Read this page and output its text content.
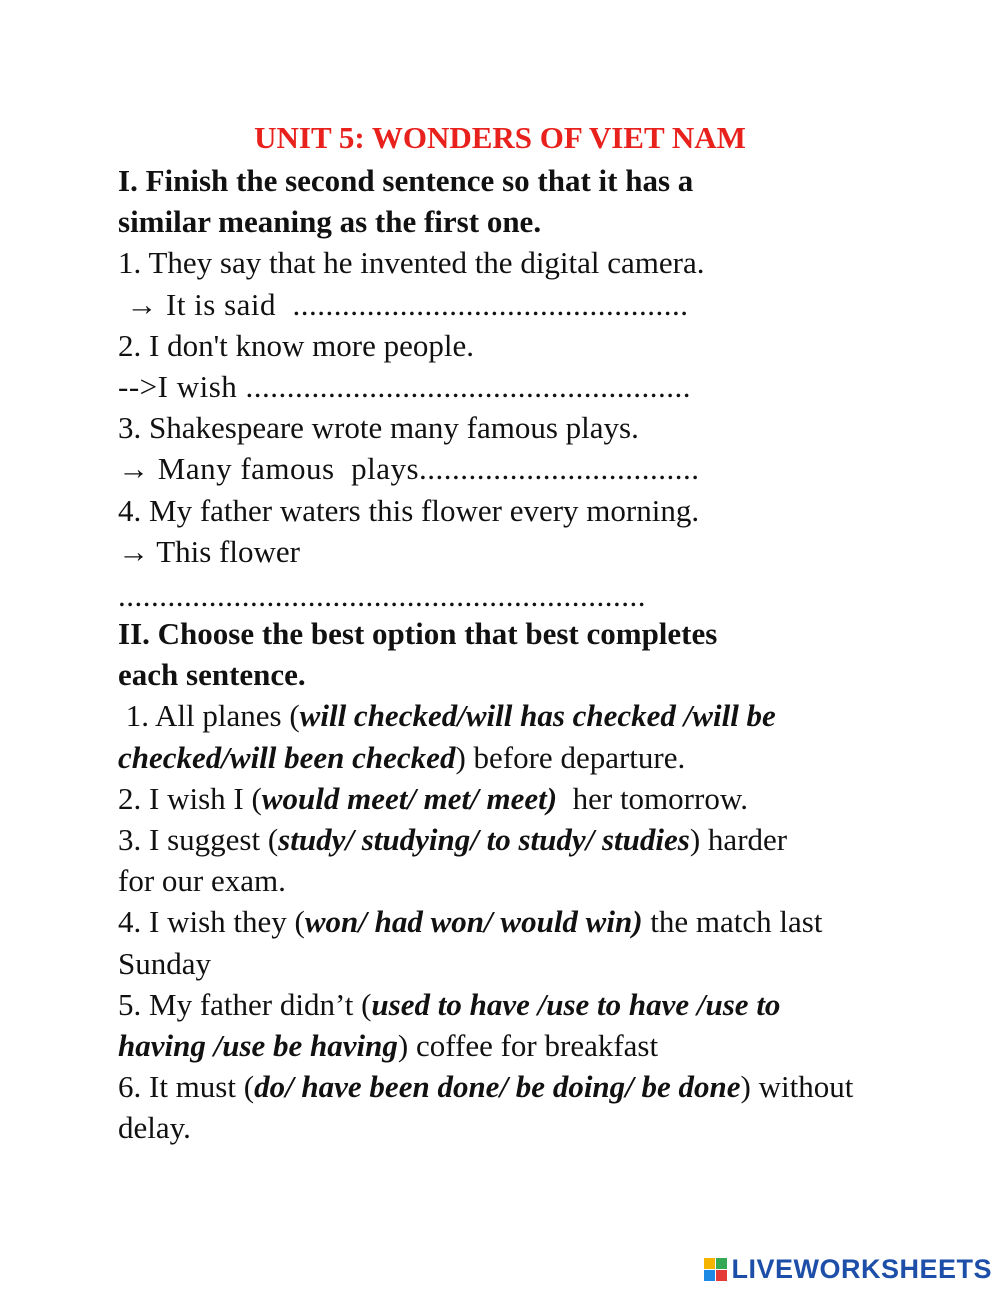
UNIT 5: WONDERS OF VIET NAM
I. Finish the second sentence so that it has a
similar meaning as the first one.
1. They say that he invented the digital camera.
→ It is said  ................................................
2. I don't know more people.
-->I wish ......................................................
3. Shakespeare wrote many famous plays.
→ Many famous  plays..................................
4. My father waters this flower every morning.
→ This flower
................................................................
II. Choose the best option that best completes
each sentence.
1. All planes (will checked/will has checked /will be checked/will been checked) before departure.
2. I wish I (would meet/ met/ meet)  her tomorrow.
3. I suggest (study/ studying/ to study/ studies) harder for our exam.
4. I wish they (won/ had won/ would win) the match last Sunday
5. My father didn’t (used to have /use to have /use to having /use be having) coffee for breakfast
6. It must (do/ have been done/ be doing/ be done) without delay.
LIVEWORKSHEETS
